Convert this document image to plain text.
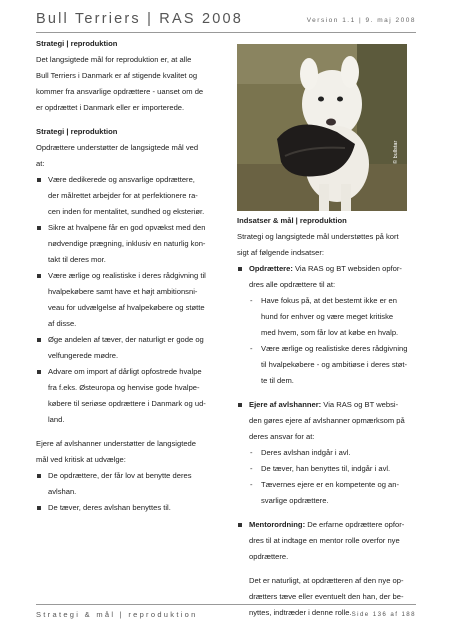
Bull Terriers | RAS 2008	Version 1.1 | 9. maj 2008

Strategi | reproduktion

Det langsigtede mål for reproduktion er, at alle

Bull Terriers i Danmark er af stigende kvalitet og

kommer fra ansvarlige opdrættere - uanset om de

er opdrættet i Danmark eller er importerede.

Strategi | reproduktion

Opdrættere understøtter de langsigtede mål ved

at:

Være dedikerede og ansvarlige opdrættere,
der målrettet arbejder for at perfektionere ra-
cen inden for mentalitet, sundhed og eksteriør.
Sikre at hvalpene får en god opvækst med den
nødvendige prægning, inklusiv en naturlig kon-
takt til deres mor.
Være ærlige og realistiske i deres rådgivning til
hvalpekøbere samt have et højt ambitionsni-
veau for udvælgelse af hvalpekøbere og støtte
af disse.
Øge andelen af tæver, der naturligt er gode og
velfungerede mødre.
Advare om import af dårligt opfostrede hvalpe
fra f.eks. Østeuropa og henvise gode hvalpe-
købere til seriøse opdrættere i Danmark og ud-
land.

Ejere af avlshanner understøtter de langsigtede

mål ved kritisk at udvælge:

De opdrættere, der får lov at benytte deres
avlshan.
De tæver, deres avlshan benyttes til.
© bullstar

Indsatser & mål | reproduktion

Strategi og langsigtede mål understøttes på kort

sigt af følgende indsatser:

Opdrættere: Via RAS og BT websiden opfor-
dres alle opdrættere til at:
- Have fokus på, at det bestemt ikke er en
hund for enhver og være meget kritiske
med hvem, som får lov at købe en hvalp.
- Være ærlige og realistiske deres rådgivning
til hvalpekøbere - og ambitiøse i deres støt-
te til dem.
Ejere af avlshanner: Via RAS og BT websi-
den gøres ejere af avlshanner opmærksom på
deres ansvar for at:
- Deres avlshan indgår i avl.
- De tæver, han benyttes til, indgår i avl.
- Tævernes ejere er en kompetente og an-
svarlige opdrættere.
Mentorordning: De erfarne opdrættere opfor-
dres til at indtage en mentor rolle overfor nye
opdrættere.
Det er naturligt, at opdrætteren af den nye op-
drætters tæve eller eventuelt den han, der be-
nyttes, indtræder i denne rolle.
Strategi & mål | reproduktion	Side 136 af 188
